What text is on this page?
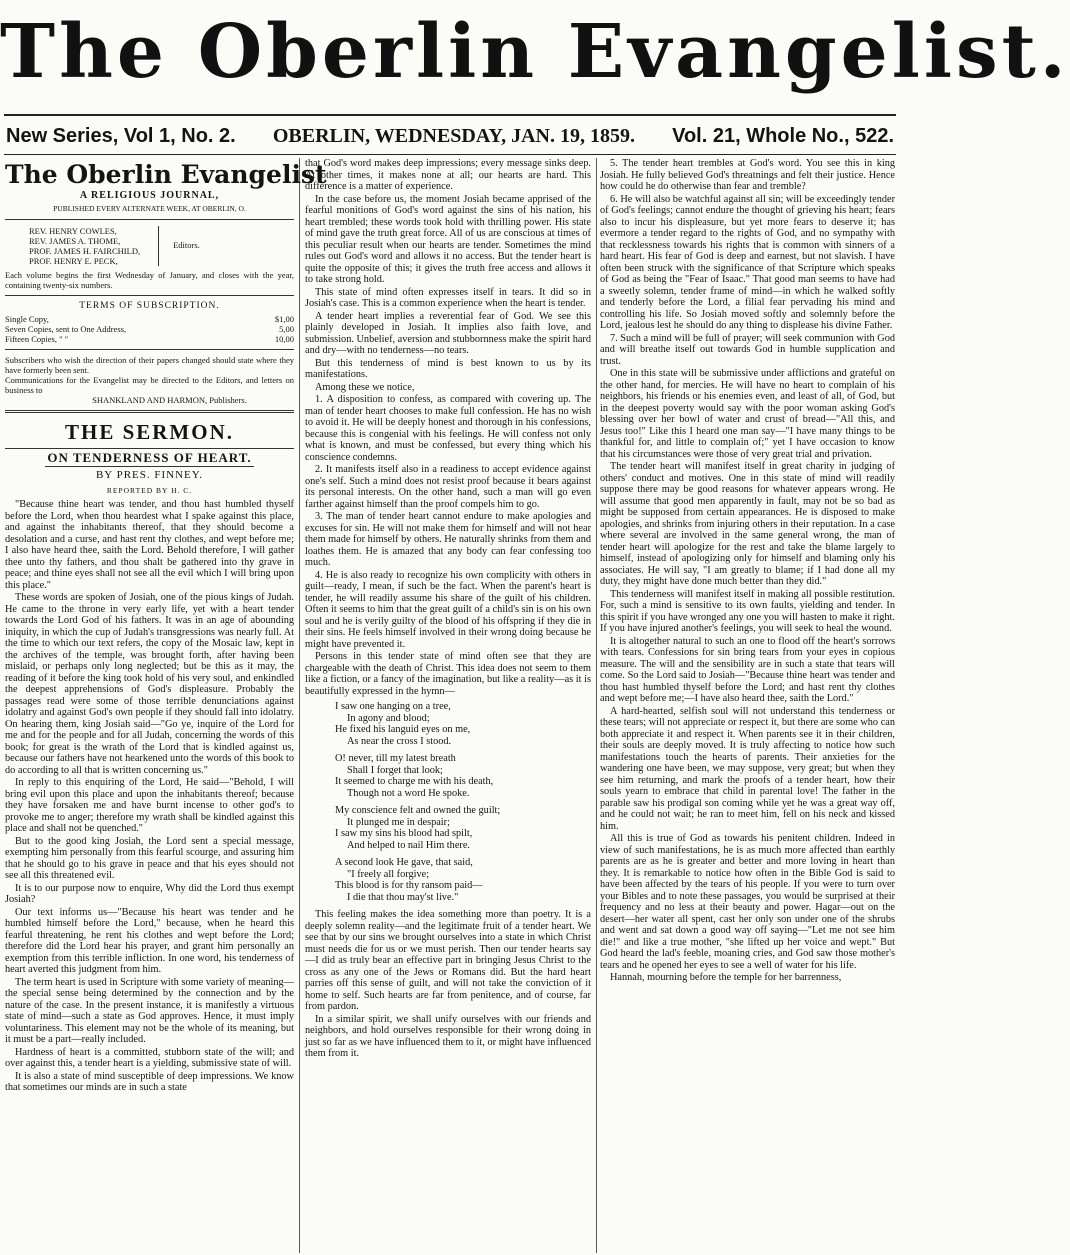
The Oberlin Evangelist.
New Series, Vol 1, No. 2. OBERLIN, WEDNESDAY, JAN. 19, 1859. Vol. 21, Whole No., 522.
The Oberlin Evangelist
A RELIGIOUS JOURNAL,
PUBLISHED EVERY ALTERNATE WEEK, AT OBERLIN, O.
REV. HENRY COWLES,
REV. JAMES A. THOME,
PROF. JAMES H. FAIRCHILD,
PROF. HENRY E. PECK,
Editors.
Each volume begins the first Wednesday of January, and closes with the year, containing twenty-six numbers.
TERMS OF SUBSCRIPTION.
Single Copy,	$1,00
Seven Copies, sent to One Address,	5,00
Fifteen Copies, " "	10,00
Subscribers who wish the direction of their papers changed should state where they have formerly been sent.
Communications for the Evangelist may be directed to the Editors, and letters on business to
SHANKLAND AND HARMON, Publishers.
THE SERMON.
ON TENDERNESS OF HEART.
BY PRES. FINNEY.
REPORTED BY H. C.

"Because thine heart was tender, and thou hast humbled thyself before the Lord, when thou heardest what I spake against this place, and against the inhabitants thereof, that they should become a desolation and a curse, and hast rent thy clothes, and wept before me; I also have heard thee, saith the Lord. Behold therefore, I will gather thee unto thy fathers, and thou shalt be gathered into thy grave in peace; and thine eyes shall not see all the evil which I will bring upon this place."

These words are spoken of Josiah, one of the pious kings of Judah. He came to the throne in very early life, yet with a heart tender towards the Lord God of his fathers. It was in an age of abounding iniquity, in which the cup of Judah's transgressions was nearly full. At the time to which our text refers, the copy of the Mosaic law, kept in the archives of the temple, was brought forth, after having been mislaid, or perhaps only long neglected; but be this as it may, the reading of it before the king took hold of his very soul, and enkindled the deepest apprehensions of God's displeasure. Probably the passages read were some of those terrible denunciations against idolatry and against God's own people if they should fall into idolatry. On hearing them, king Josiah said—"Go ye, inquire of the Lord for me and for the people and for all Judah, concerning the words of this book; for great is the wrath of the Lord that is kindled against us, because our fathers have not hearkened unto the words of this book to do according to all that is written concerning us."

In reply to this enquiring of the Lord, He said—"Behold, I will bring evil upon this place and upon the inhabitants thereof; because they have forsaken me and have burnt incense to other god's to provoke me to anger; therefore my wrath shall be kindled against this place and shall not be quenched."

But to the good king Josiah, the Lord sent a special message, exempting him personally from this fearful scourge, and assuring him that he should go to his grave in peace and that his eyes should not see all this threatened evil.

It is to our purpose now to enquire, Why did the Lord thus exempt Josiah?

Our text informs us—"Because his heart was tender and he humbled himself before the Lord," because, when he heard this fearful threatening, he rent his clothes and wept before the Lord; therefore did the Lord hear his prayer, and grant him personally an exemption from this terrible infliction. In one word, his tenderness of heart averted this judgment from him.

The term heart is used in Scripture with some variety of meaning—the special sense being determined by the connection and by the nature of the case. In the present instance, it is manifestly a virtuous state of mind—such a state as God approves. Hence, it must imply voluntariness. This element may not be the whole of its meaning, but it must be a part—really included.

Hardness of heart is a committed, stubborn state of the will; and over against this, a tender heart is a yielding, submissive state of will.

It is also a state of mind susceptible of deep impressions. We know that sometimes our minds are in such a state

that God's word makes deep impressions; every message sinks deep. At other times, it makes none at all; our hearts are hard. This difference is a matter of experience.

In the case before us, the moment Josiah became apprised of the fearful monitions of God's word against the sins of his nation, his heart trembled; these words took hold with thrilling power. His state of mind gave the truth great force. All of us are conscious at times of this peculiar result when our hearts are tender. Sometimes the mind rules out God's word and allows it no access. But the tender heart is quite the opposite of this; it gives the truth free access and allows it to take strong hold.

This state of mind often expresses itself in tears. It did so in Josiah's case. This is a common experience when the heart is tender.

A tender heart implies a reverential fear of God. We see this plainly developed in Josiah. It implies also faith love, and submission. Unbelief, aversion and stubbornness make the spirit hard and dry—with no tenderness—no tears.

But this tenderness of mind is best known to us by its manifestations.

Among these we notice,

1. A disposition to confess, as compared with covering up. The man of tender heart chooses to make full confession. He has no wish to avoid it. He will be deeply honest and thorough in his confessions, because this is congenial with his feelings. He will confess not only what is known, and must be confessed, but every thing which his conscience condemns.

2. It manifests itself also in a readiness to accept evidence against one's self. Such a mind does not resist proof because it bears against its personal interests. On the other hand, such a man will go even farther against himself than the proof compels him to go.

3. The man of tender heart cannot endure to make apologies and excuses for sin. He will not make them for himself and will not hear them made for himself by others. He naturally shrinks from them and loathes them. He is amazed that any body can fear confessing too much.

4. He is also ready to recognize his own complicity with others in guilt—ready, I mean, if such be the fact. When the parent's heart is tender, he will readily assume his share of the guilt of his children. Often it seems to him that the great guilt of a child's sin is on his own soul and he is verily guilty of the blood of his offspring if they die in their sins. He feels himself involved in their wrong doing because he might have prevented it.

Persons in this tender state of mind often see that they are chargeable with the death of Christ. This idea does not seem to them like a fiction, or a fancy of the imagination, but like a reality—as it is beautifully expressed in the hymn—

I saw one hanging on a tree,
In agony and blood;
He fixed his languid eyes on me,
As near the cross I stood.
O! never, till my latest breath
Shall I forget that look;
It seemed to charge me with his death,
Though not a word He spoke.
My conscience felt and owned the guilt;
It plunged me in despair;
I saw my sins his blood had spilt,
And helped to nail Him there.
A second look He gave, that said,
"I freely all forgive;
This blood is for thy ransom paid—
I die that thou may'st live."

This feeling makes the idea something more than poetry. It is a deeply solemn reality—and the legitimate fruit of a tender heart. We see that by our sins we brought ourselves into a state in which Christ must needs die for us or we must perish. Then our tender hearts say—I did as truly bear an effective part in bringing Jesus Christ to the cross as any one of the Jews or Romans did. But the hard heart parries off this sense of guilt, and will not take the conviction of it home to self. Such hearts are far from penitence, and of course, far from pardon.

In a similar spirit, we shall unify ourselves with our friends and neighbors, and hold ourselves responsible for their wrong doing in just so far as we have influenced them to it, or might have influenced them from it.

5. The tender heart trembles at God's word. You see this in king Josiah. He fully believed God's threatnings and felt their justice. Hence how could he do otherwise than fear and tremble?

6. He will also be watchful against all sin; will be exceedingly tender of God's feelings; cannot endure the thought of grieving his heart; fears also to incur his displeasure, but yet more fears to deserve it; has evermore a tender regard to the rights of God, and no sympathy with that recklessness towards his rights that is common with sinners of a hard heart. His fear of God is deep and earnest, but not slavish. I have often been struck with the significance of that Scripture which speaks of God as being the "Fear of Isaac." That good man seems to have had a sweetly solemn, tender frame of mind—in which he walked softly and tenderly before the Lord, a filial fear pervading his mind and controlling his life. So Josiah moved softly and solemnly before the Lord, jealous lest he should do any thing to displease his divine Father.

7. Such a mind will be full of prayer; will seek communion with God and will breathe itself out towards God in humble supplication and trust.

One in this state will be submissive under afflictions and grateful on the other hand, for mercies. He will have no heart to complain of his neighbors, his friends or his enemies even, and least of all, of God, but in the deepest poverty would say with the poor woman asking God's blessing over her bowl of water and crust of bread—"All this, and Jesus too!" Like this I heard one man say—"I have many things to be thankful for, and little to complain of;" yet I have occasion to know that his circumstances were those of very great trial and privation.

The tender heart will manifest itself in great charity in judging of others' conduct and motives. One in this state of mind will readily suppose there may be good reasons for whatever appears wrong. He will assume that good men apparently in fault, may not be so bad as might be supposed from certain appearances. He is disposed to make apologies, and shrinks from injuring others in their reputation. In a case where several are involved in the same general wrong, the man of tender heart will apologize for the rest and take the blame largely to himself, instead of apologizing only for himself and blaming only his associates. He will say, "I am greatly to blame; if I had done all my duty, they might have done much better than they did."

This tenderness will manifest itself in making all possible restitution. For, such a mind is sensitive to its own faults, yielding and tender. In this spirit if you have wronged any one you will hasten to make it right. If you have injured another's feelings, you will seek to heal the wound.

It is altogether natural to such an one to flood off the heart's sorrows with tears. Confessions for sin bring tears from your eyes in copious measure. The will and the sensibility are in such a state that tears will come. So the Lord said to Josiah—"Because thine heart was tender and thou hast humbled thyself before the Lord; and hast rent thy clothes and wept before me;—I have also heard thee, saith the Lord."

A hard-hearted, selfish soul will not understand this tenderness or these tears; will not appreciate or respect it, but there are some who can both appreciate it and respect it. When parents see it in their children, their souls are deeply moved. It is truly affecting to notice how such manifestations touch the hearts of parents. Their anxieties for the wandering one have been, we may suppose, very great; but when they see him returning, and mark the proofs of a tender heart, how their souls yearn to embrace that child in parental love! The father in the parable saw his prodigal son coming while yet he was a great way off, and he could not wait; he ran to meet him, fell on his neck and kissed him.

All this is true of God as towards his penitent children. Indeed in view of such manifestations, he is as much more affected than earthly parents are as he is greater and better and more loving in heart than they. It is remarkable to notice how often in the Bible God is said to have been affected by the tears of his people. If you were to turn over your Bibles and to note these passages, you would be surprised at their frequency and no less at their beauty and power. Hagar—out on the desert—her water all spent, cast her only son under one of the shrubs and went and sat down a good way off saying—"Let me not see him die!" and like a true mother, "she lifted up her voice and wept." But God heard the lad's feeble, moaning cries, and God saw those mother's tears and he opened her eyes to see a well of water for his life.

Hannah, mourning before the temple for her barrenness,
